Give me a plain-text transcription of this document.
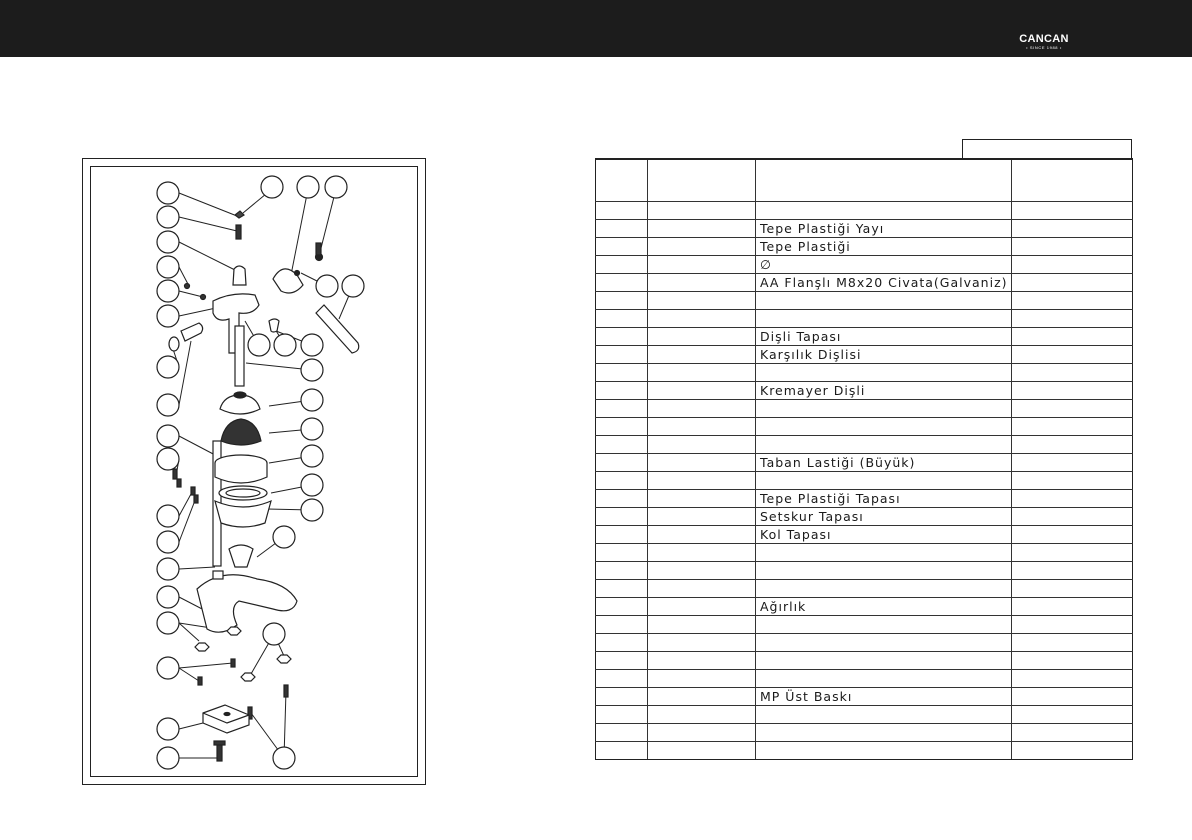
CANCAN
• SINCE 1988 •

		Tepe Plastiği Yayı	
		Tepe Plastiği	
		∅	
		AA Flanşlı M8x20 Civata(Galvaniz)	

		Dişli Tapası	
		Karşılık Dişlisi	

		Kremayer Dişli	

		Taban Lastiği (Büyük)	

		Tepe Plastiği Tapası	
		Setskur Tapası	
		Kol Tapası	

		Ağırlık	

		MP Üst Baskı	
